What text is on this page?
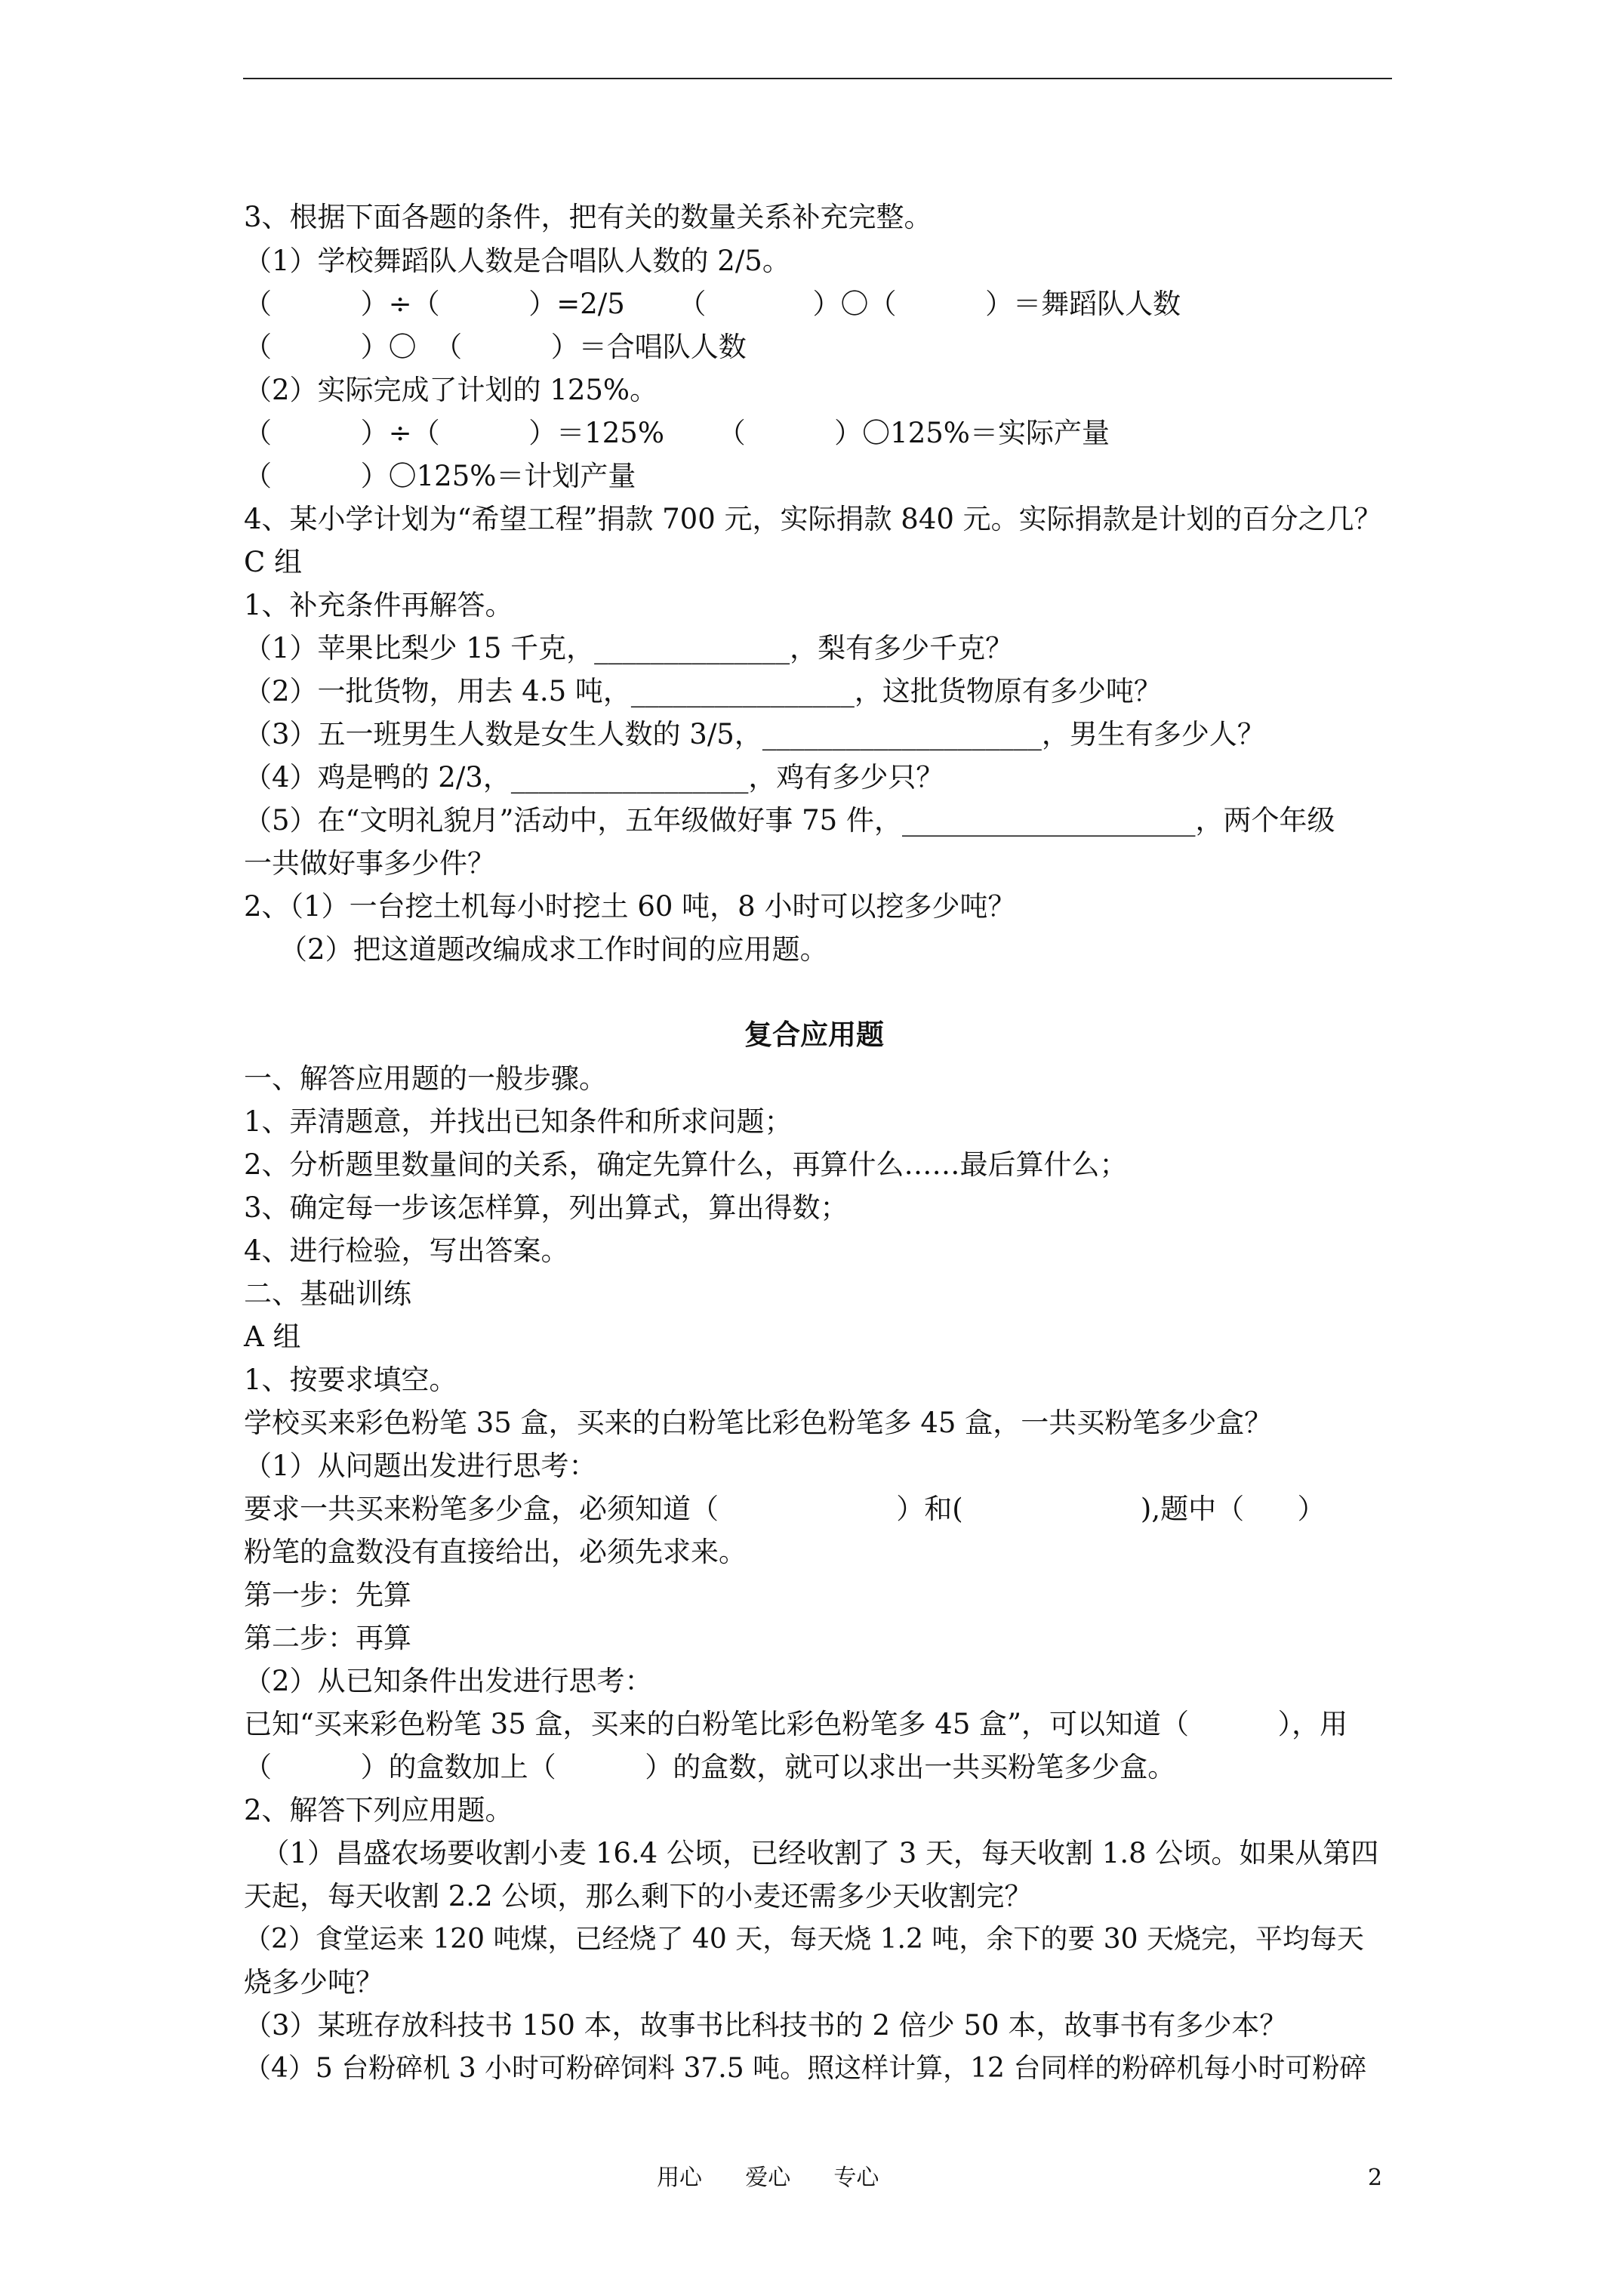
3、根据下面各题的条件，把有关的数量关系补充完整。
（1）学校舞蹈队人数是合唱队人数的 2/5。
（          ）÷（          ）=2/5      （            ）〇（          ）＝舞蹈队人数
（          ）〇  （          ）＝合唱队人数
（2）实际完成了计划的 125%。
（          ）÷（          ）＝125%      （          ）〇125%＝实际产量
（          ）〇125%＝计划产量
4、某小学计划为“希望工程”捐款 700 元，实际捐款 840 元。实际捐款是计划的百分之几？
C 组
1、补充条件再解答。
（1）苹果比梨少 15 千克，______________，梨有多少千克？
（2）一批货物，用去 4.5 吨，________________，这批货物原有多少吨？
（3）五一班男生人数是女生人数的 3/5，____________________，男生有多少人？
（4）鸡是鸭的 2/3，_________________，鸡有多少只？
（5）在“文明礼貌月”活动中，五年级做好事 75 件，_____________________，两个年级
一共做好事多少件？
2、（1）一台挖土机每小时挖土 60 吨，8 小时可以挖多少吨？
（2）把这道题改编成求工作时间的应用题。
复合应用题
一、解答应用题的一般步骤。
1、弄清题意，并找出已知条件和所求问题；
2、分析题里数量间的关系，确定先算什么，再算什么……最后算什么；
3、确定每一步该怎样算，列出算式，算出得数；
4、进行检验，写出答案。
二、基础训练
A 组
1、按要求填空。
学校买来彩色粉笔 35 盒，买来的白粉笔比彩色粉笔多 45 盒，一共买粉笔多少盒？
（1）从问题出发进行思考：
要求一共买来粉笔多少盒，必须知道（                    ）和(                    ),题中（      ）
粉笔的盒数没有直接给出，必须先求来。
第一步：先算
第二步：再算
（2）从已知条件出发进行思考：
已知“买来彩色粉笔 35 盒，买来的白粉笔比彩色粉笔多 45 盒”，可以知道（          ），用
（          ）的盒数加上（          ）的盒数，就可以求出一共买粉笔多少盒。
2、解答下列应用题。
（1）昌盛农场要收割小麦 16.4 公顷，已经收割了 3 天，每天收割 1.8 公顷。如果从第四
天起，每天收割 2.2 公顷，那么剩下的小麦还需多少天收割完？
（2）食堂运来 120 吨煤，已经烧了 40 天，每天烧 1.2 吨，余下的要 30 天烧完，平均每天
烧多少吨？
（3）某班存放科技书 150 本，故事书比科技书的 2 倍少 50 本，故事书有多少本？
（4）5 台粉碎机 3 小时可粉碎饲料 37.5 吨。照这样计算，12 台同样的粉碎机每小时可粉碎
用心      爱心      专心	2
